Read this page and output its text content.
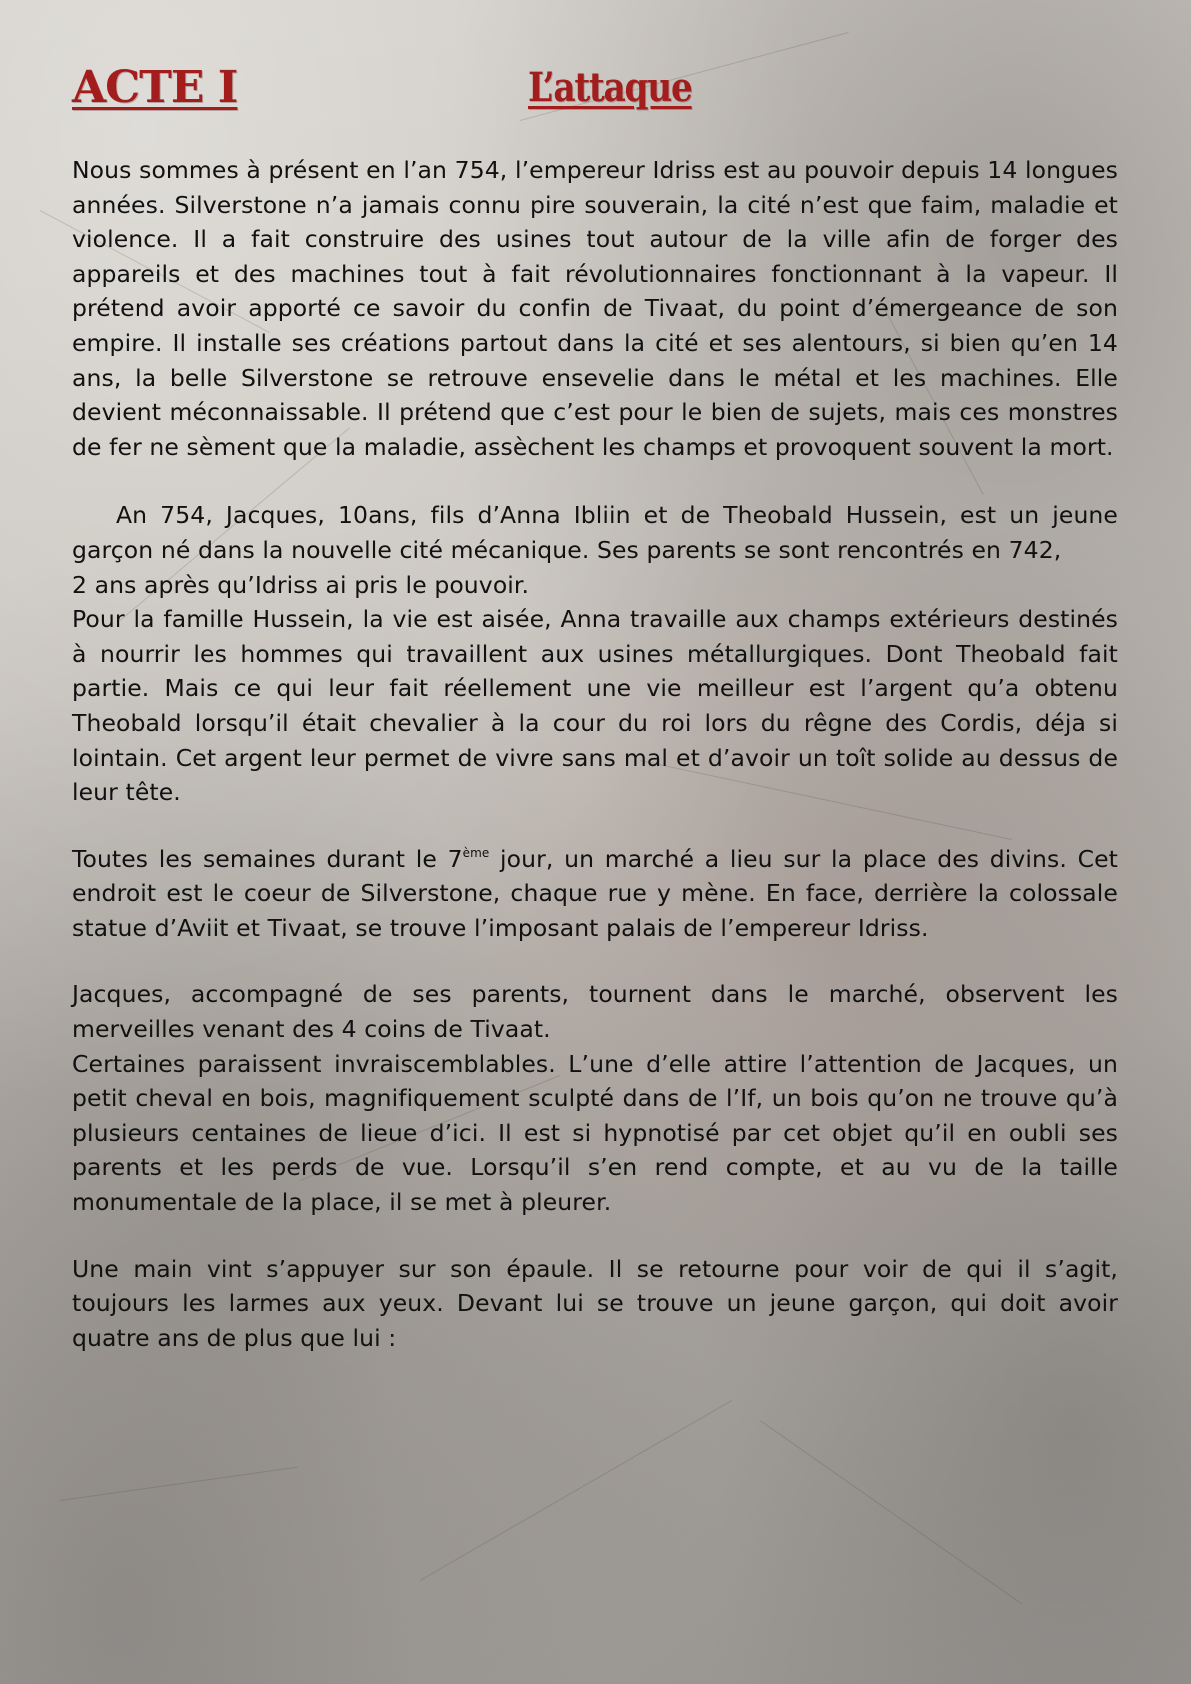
ACTE I	L’attaque

Nous sommes à présent en l’an 754, l’empereur Idriss est au pouvoir depuis 14 longues années. Silverstone n’a jamais connu pire souverain, la cité n’est que faim, maladie et violence. Il a fait construire des usines tout autour de la ville afin de forger des appareils et des machines tout à fait révolutionnaires fonctionnant à la vapeur. Il prétend avoir apporté ce savoir du confin de Tivaat, du point d’émergeance de son empire. Il installe ses créations partout dans la cité et ses alentours, si bien qu’en 14 ans, la belle Silverstone se retrouve ensevelie dans le métal et les machines. Elle devient méconnaissable. Il prétend que c’est pour le bien de sujets, mais ces monstres de fer ne sèment que la maladie, assèchent les champs et provoquent souvent la mort.

An 754, Jacques, 10ans, fils d’Anna Ibliin et de Theobald Hussein, est un jeune garçon né dans la nouvelle cité mécanique. Ses parents se sont rencontrés en 742,

2 ans après qu’Idriss ai pris le pouvoir.

Pour la famille Hussein, la vie est aisée, Anna travaille aux champs extérieurs destinés à nourrir les hommes qui travaillent aux usines métallurgiques. Dont Theobald fait partie. Mais ce qui leur fait réellement une vie meilleur est l’argent qu’a obtenu Theobald lorsqu’il était chevalier à la cour du roi lors du rêgne des Cordis, déja si lointain. Cet argent leur permet de vivre sans mal et d’avoir un toît solide au dessus de leur tête.

Toutes les semaines durant le 7ème jour, un marché a lieu sur la place des divins. Cet endroit est le coeur de Silverstone, chaque rue y mène. En face, derrière la colossale statue d’Aviit et Tivaat, se trouve l’imposant palais de l’empereur Idriss.

Jacques, accompagné de ses parents, tournent dans le marché, observent les merveilles venant des 4 coins de Tivaat.

Certaines paraissent invraiscemblables. L’une d’elle attire l’attention de Jacques, un petit cheval en bois, magnifiquement sculpté dans de l’If, un bois qu’on ne trouve qu’à plusieurs centaines de lieue d’ici. Il est si hypnotisé par cet objet qu’il en oubli ses parents et les perds de vue. Lorsqu’il s’en rend compte, et au vu de la taille monumentale de la place, il se met à pleurer.

Une main vint s’appuyer sur son épaule. Il se retourne pour voir de qui il s’agit, toujours les larmes aux yeux. Devant lui se trouve un jeune garçon, qui doit avoir quatre ans de plus que lui :
